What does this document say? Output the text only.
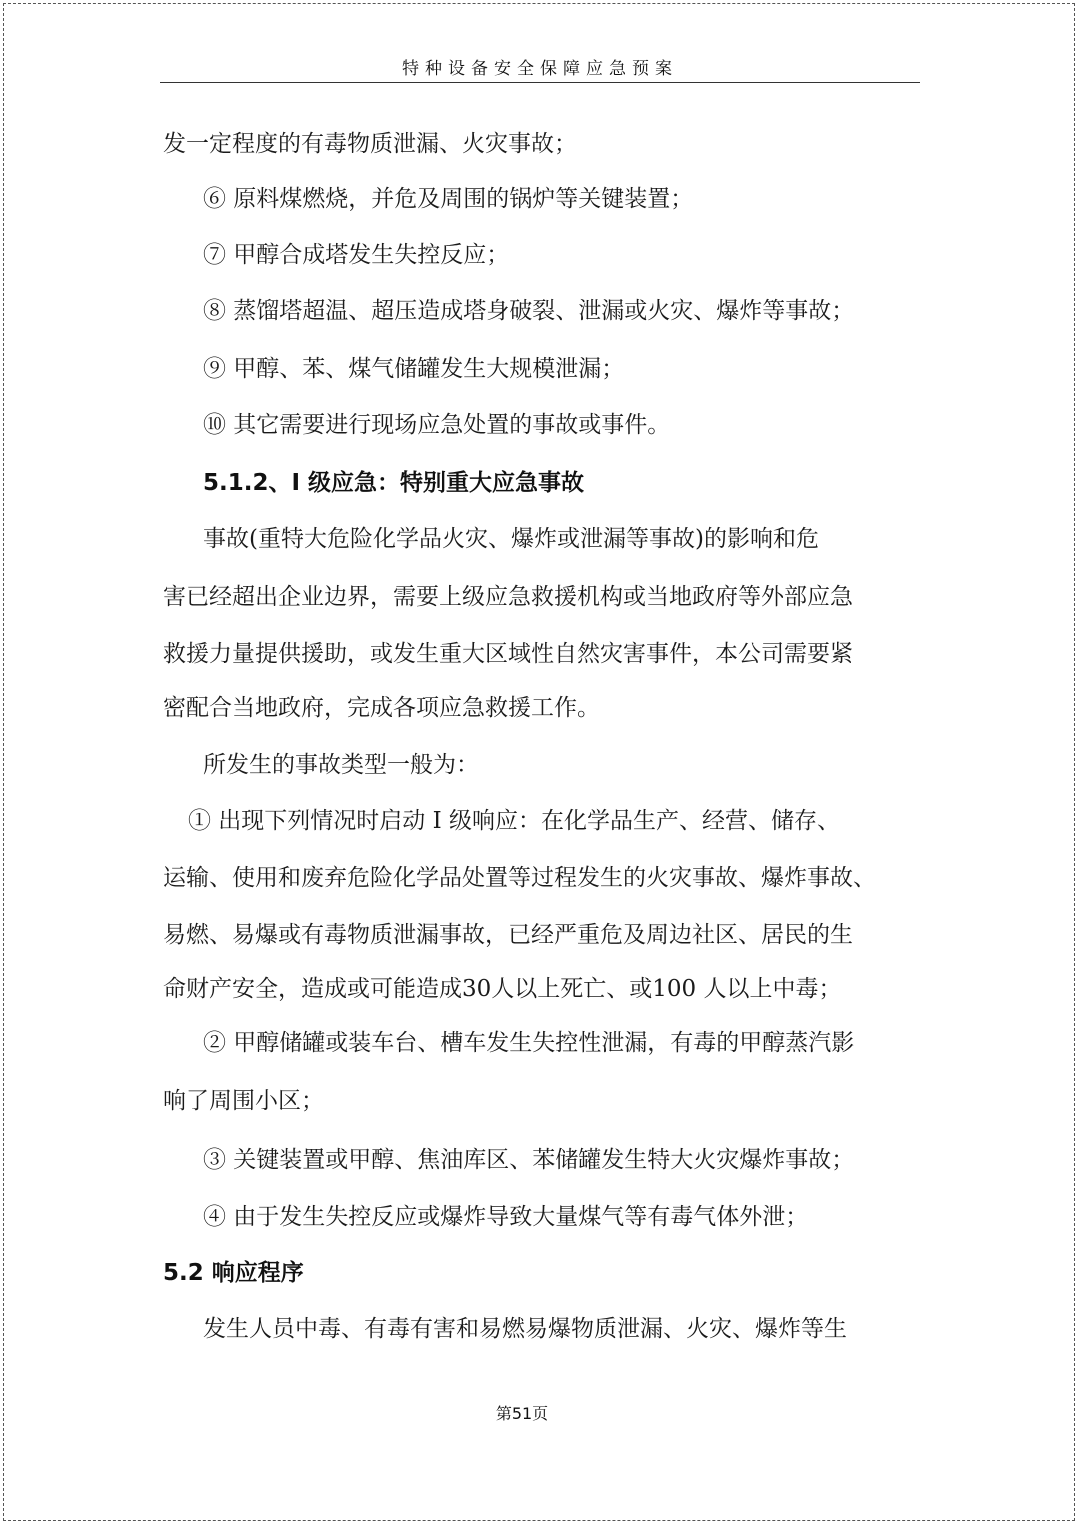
特种设备安全保障应急预案
发一定程度的有毒物质泄漏、火灾事故；
⑥ 原料煤燃烧，并危及周围的锅炉等关键装置；
⑦ 甲醇合成塔发生失控反应；
⑧ 蒸馏塔超温、超压造成塔身破裂、泄漏或火灾、爆炸等事故；
⑨ 甲醇、苯、煤气储罐发生大规模泄漏；
⑩ 其它需要进行现场应急处置的事故或事件。
5.1.2、I 级应急：特别重大应急事故
事故(重特大危险化学品火灾、爆炸或泄漏等事故)的影响和危
害已经超出企业边界，需要上级应急救援机构或当地政府等外部应急
救援力量提供援助，或发生重大区域性自然灾害事件，本公司需要紧
密配合当地政府，完成各项应急救援工作。
所发生的事故类型一般为：
① 出现下列情况时启动 I 级响应：在化学品生产、经营、储存、
运输、使用和废弃危险化学品处置等过程发生的火灾事故、爆炸事故、
易燃、易爆或有毒物质泄漏事故，已经严重危及周边社区、居民的生
命财产安全，造成或可能造成30人以上死亡、或100 人以上中毒；
② 甲醇储罐或装车台、槽车发生失控性泄漏，有毒的甲醇蒸汽影
响了周围小区；
③ 关键装置或甲醇、焦油库区、苯储罐发生特大火灾爆炸事故；
④ 由于发生失控反应或爆炸导致大量煤气等有毒气体外泄；
5.2 响应程序
发生人员中毒、有毒有害和易燃易爆物质泄漏、火灾、爆炸等生
第51页
